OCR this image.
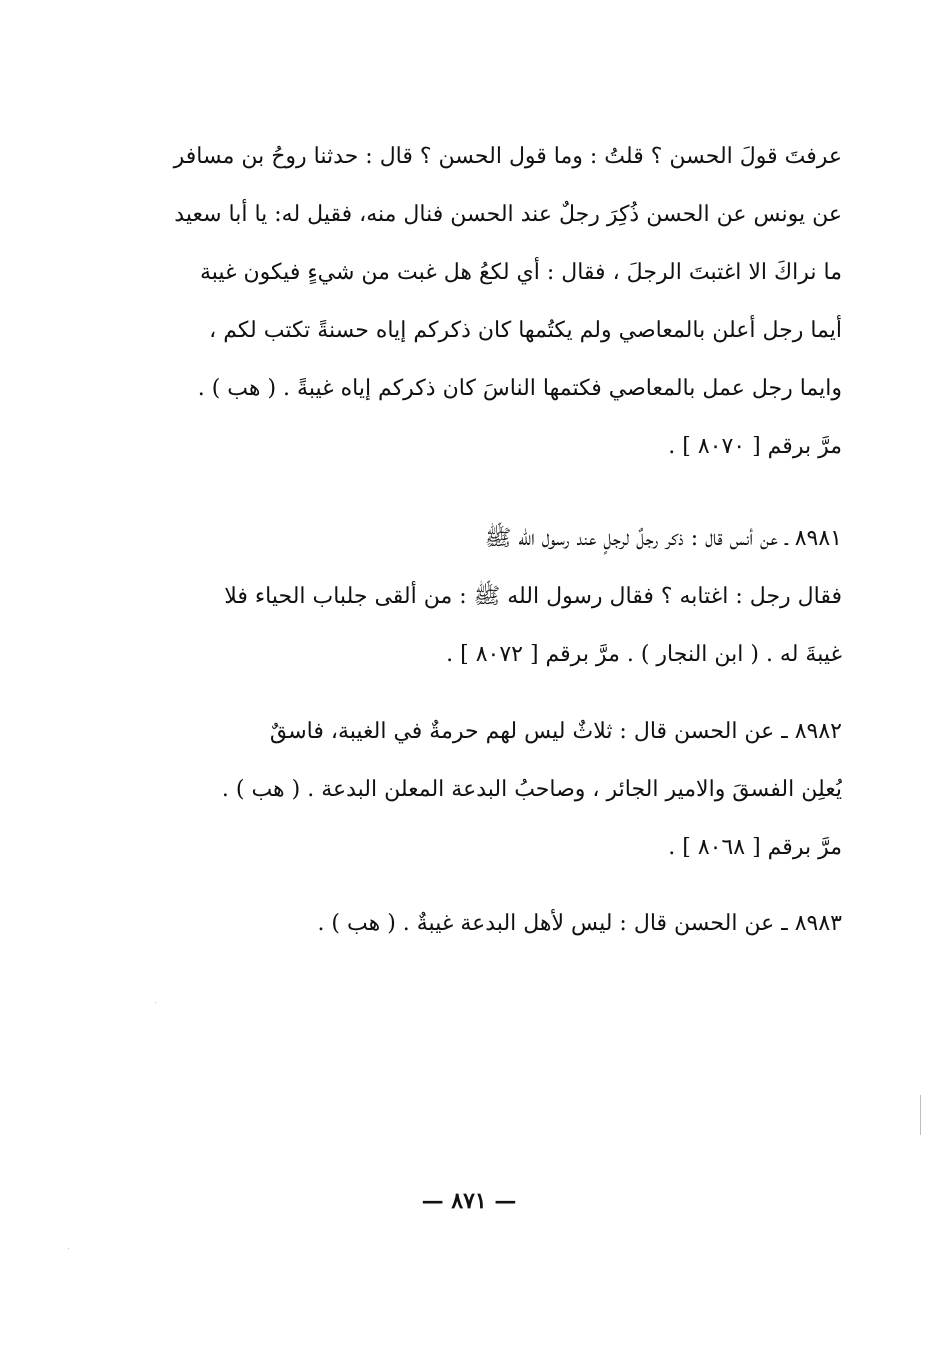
عرفتَ قولَ الحسن ؟ قلتُ : وما قول الحسن ؟ قال : حدثنا روحُ بن مسافر
عن يونس عن الحسن ذُكِرَ رجلٌ عند الحسن فنال منه، فقيل له: يا أبا سعيد
ما نراكَ الا اغتبتَ الرجلَ ، فقال : أي لكعُ هل غبت من شيءٍ فيكون غيبة
أيما رجل أعلن بالمعاصي ولم يكتُمها كان ذكركم إياه حسنةً تكتب لكم ،
وايما رجل عمل بالمعاصي فكتمها الناسَ كان ذكركم إياه غيبةً . ( هب ) .
مرَّ برقم [ ٨٠٧٠ ] .
٨٩٨١ ـ عن أنس قال : ذكر رجلٌ لرجلٍ عند رسول الله ﷺ
فقال رجل : اغتابه ؟ فقال رسول الله ﷺ : من ألقى جلباب الحياء فلا
غيبةَ له . ( ابن النجار ) . مرَّ برقم [ ٨٠٧٢ ] .
٨٩٨٢ ـ عن الحسن قال : ثلاثٌ ليس لهم حرمةٌ في الغيبة، فاسقٌ
يُعلِن الفسقَ والامير الجائر ، وصاحبُ البدعة المعلن البدعة . ( هب ) .
مرَّ برقم [ ٨٠٦٨ ] .
٨٩٨٣ ـ عن الحسن قال : ليس لأهل البدعة غيبةٌ . ( هب ) .
— ٨٧١ —
